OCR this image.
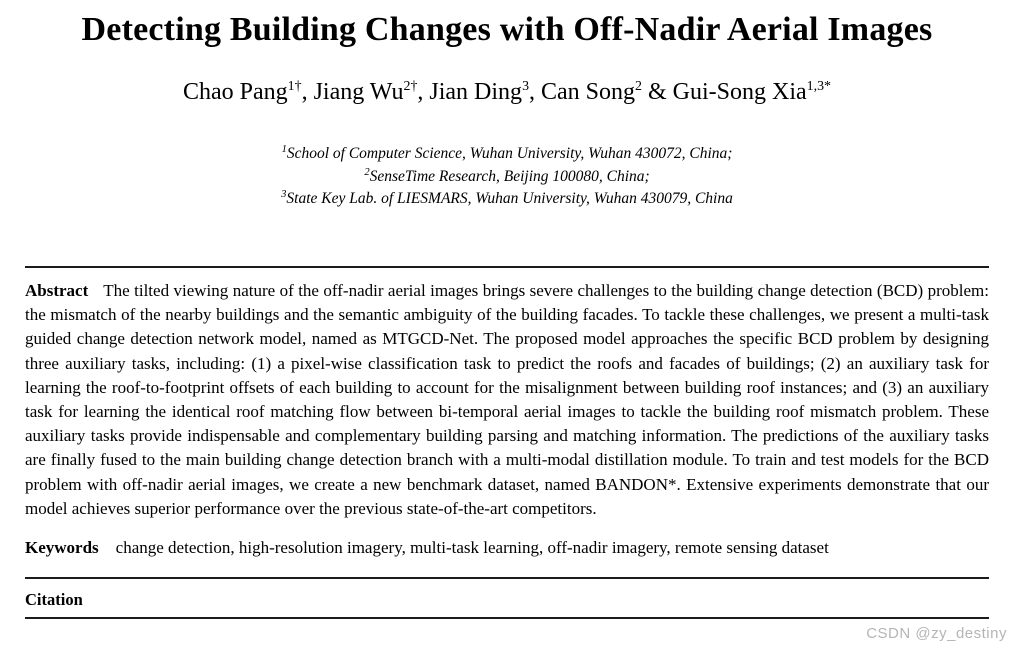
Detecting Building Changes with Off-Nadir Aerial Images
Chao Pang$^{1\dagger}$, Jiang $Wu^{2\dagger}$, Jian Ding$^3$, Can Song$^2$ & Gui-Song Xia$^{1,3*}$
$^1$School of Computer Science, Wuhan University, Wuhan 430072, China;
$^2$SenseTime Research, Beijing 100080, China;
$^3$State Key Lab. of LIESMARS, Wuhan University, Wuhan 430079, China

Abstract The tilted viewing nature of the off-nadir aerial images brings severe challenges to the building change detection (BCD) problem: the mismatch of the nearby buildings and the semantic ambiguity of the building facades. To tackle these challenges, we present a multi-task guided change detection network model, named as MTGCD-Net. The proposed model approaches the specific BCD problem by designing three auxiliary tasks, including: (1) a pixel-wise classification task to predict the roofs and facades of buildings; (2) an auxiliary task for learning the roof-to-footprint offsets of each building to account for the misalignment between building roof instances; and (3) an auxiliary task for learning the identical roof matching flow between bi-temporal aerial images to tackle the building roof mismatch problem. These auxiliary tasks provide indispensable and complementary building parsing and matching information. The predictions of the auxiliary tasks are finally fused to the main building change detection branch with a multi-modal distillation module. To train and test models for the BCD problem with off-nadir aerial images, we create a new benchmark dataset, named BANDON*. Extensive experiments demonstrate that our model achieves superior performance over the previous state-of-the-art competitors.

Keywords change detection, high-resolution imagery, multi-task learning, off-nadir imagery, remote sensing dataset

Citation
CSDN @zy_destiny
